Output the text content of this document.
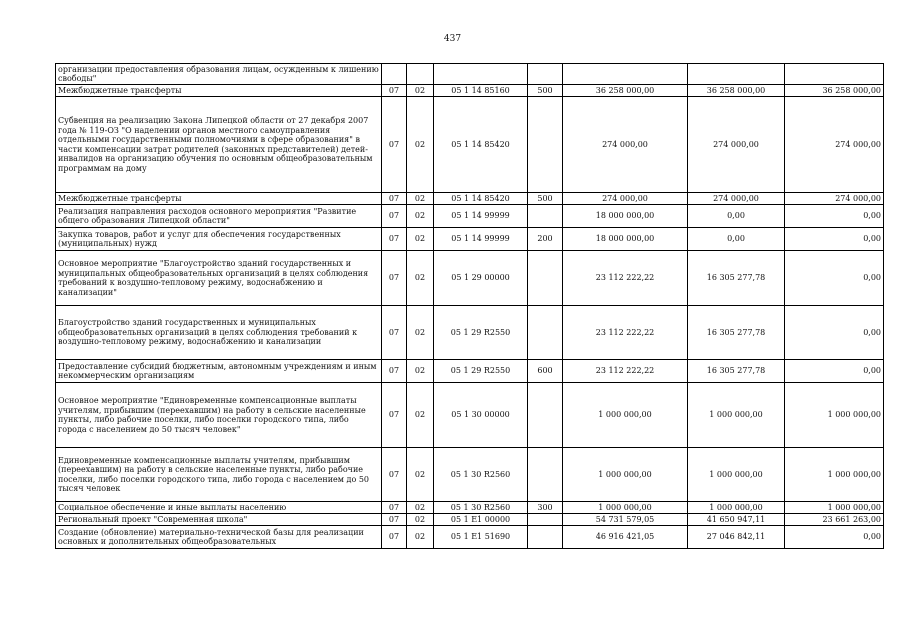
437
организации предоставления образования лицам, осужденным к лишению свободы"							
Межбюджетные трансферты	07	02	05 1 14 85160	500	36 258 000,00	36 258 000,00	36 258 000,00
Субвенция на реализацию Закона Липецкой области от 27 декабря 2007 года № 119-ОЗ "О наделении органов местного самоуправления отдельными государственными полномочиями в сфере образования" в части компенсации затрат родителей (законных представителей) детей-инвалидов на организацию обучения по основным общеобразовательным программам на дому	07	02	05 1 14 85420		274 000,00	274 000,00	274 000,00
Межбюджетные трансферты	07	02	05 1 14 85420	500	274 000,00	274 000,00	274 000,00
Реализация направления расходов основного мероприятия "Развитие общего образования Липецкой области"	07	02	05 1 14 99999		18 000 000,00	0,00	0,00
Закупка товаров, работ и услуг для обеспечения государственных (муниципальных) нужд	07	02	05 1 14 99999	200	18 000 000,00	0,00	0,00
Основное мероприятие "Благоустройство зданий государственных и муниципальных общеобразовательных организаций в целях соблюдения требований к воздушно-тепловому режиму, водоснабжению и канализации"	07	02	05 1 29 00000		23 112 222,22	16 305 277,78	0,00
Благоустройство зданий государственных и муниципальных общеобразовательных организаций в целях соблюдения требований к воздушно-тепловому режиму, водоснабжению и канализации	07	02	05 1 29 R2550		23 112 222,22	16 305 277,78	0,00
Предоставление субсидий бюджетным, автономным учреждениям и иным некоммерческим организациям	07	02	05 1 29 R2550	600	23 112 222,22	16 305 277,78	0,00
Основное мероприятие "Единовременные компенсационные выплаты учителям, прибывшим (переехавшим) на работу в сельские населенные пункты, либо рабочие поселки, либо поселки городского типа, либо города с населением до 50 тысяч человек"	07	02	05 1 30 00000		1 000 000,00	1 000 000,00	1 000 000,00
Единовременные компенсационные выплаты учителям, прибывшим (переехавшим) на работу в сельские населенные пункты, либо рабочие поселки, либо поселки городского типа, либо города с населением до 50 тысяч человек	07	02	05 1 30 R2560		1 000 000,00	1 000 000,00	1 000 000,00
Социальное обеспечение и иные выплаты населению	07	02	05 1 30 R2560	300	1 000 000,00	1 000 000,00	1 000 000,00
Региональный проект "Современная школа"	07	02	05 1 E1 00000		54 731 579,05	41 650 947,11	23 661 263,00
Создание (обновление) материально-технической базы для реализации основных и дополнительных общеобразовательных	07	02	05 1 E1 51690		46 916 421,05	27 046 842,11	0,00
